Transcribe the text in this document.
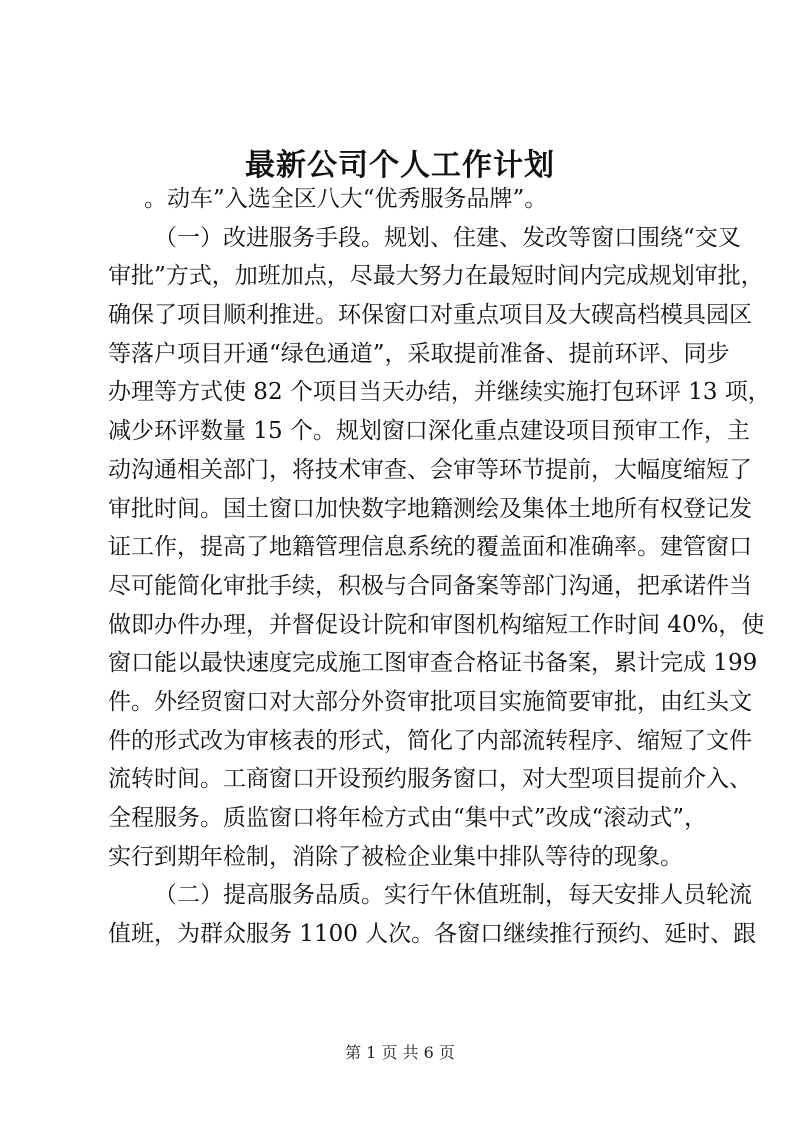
最新公司个人工作计划
。动车”入选全区八大“优秀服务品牌”。
（一）改进服务手段。规划、住建、发改等窗口围绕“交叉
审批”方式，加班加点，尽最大努力在最短时间内完成规划审批，
确保了项目顺利推进。环保窗口对重点项目及大碶高档模具园区
等落户项目开通“绿色通道”，采取提前准备、提前环评、同步
办理等方式使 82 个项目当天办结，并继续实施打包环评 13 项，
减少环评数量 15 个。规划窗口深化重点建设项目预审工作，主
动沟通相关部门，将技术审查、会审等环节提前，大幅度缩短了
审批时间。国土窗口加快数字地籍测绘及集体土地所有权登记发
证工作，提高了地籍管理信息系统的覆盖面和准确率。建管窗口
尽可能简化审批手续，积极与合同备案等部门沟通，把承诺件当
做即办件办理，并督促设计院和审图机构缩短工作时间 40%，使
窗口能以最快速度完成施工图审查合格证书备案，累计完成 199
件。外经贸窗口对大部分外资审批项目实施简要审批，由红头文
件的形式改为审核表的形式，简化了内部流转程序、缩短了文件
流转时间。工商窗口开设预约服务窗口，对大型项目提前介入、
全程服务。质监窗口将年检方式由“集中式”改成“滚动式”，
实行到期年检制，消除了被检企业集中排队等待的现象。
（二）提高服务品质。实行午休值班制，每天安排人员轮流
值班，为群众服务 1100 人次。各窗口继续推行预约、延时、跟
第 1 页 共 6 页
